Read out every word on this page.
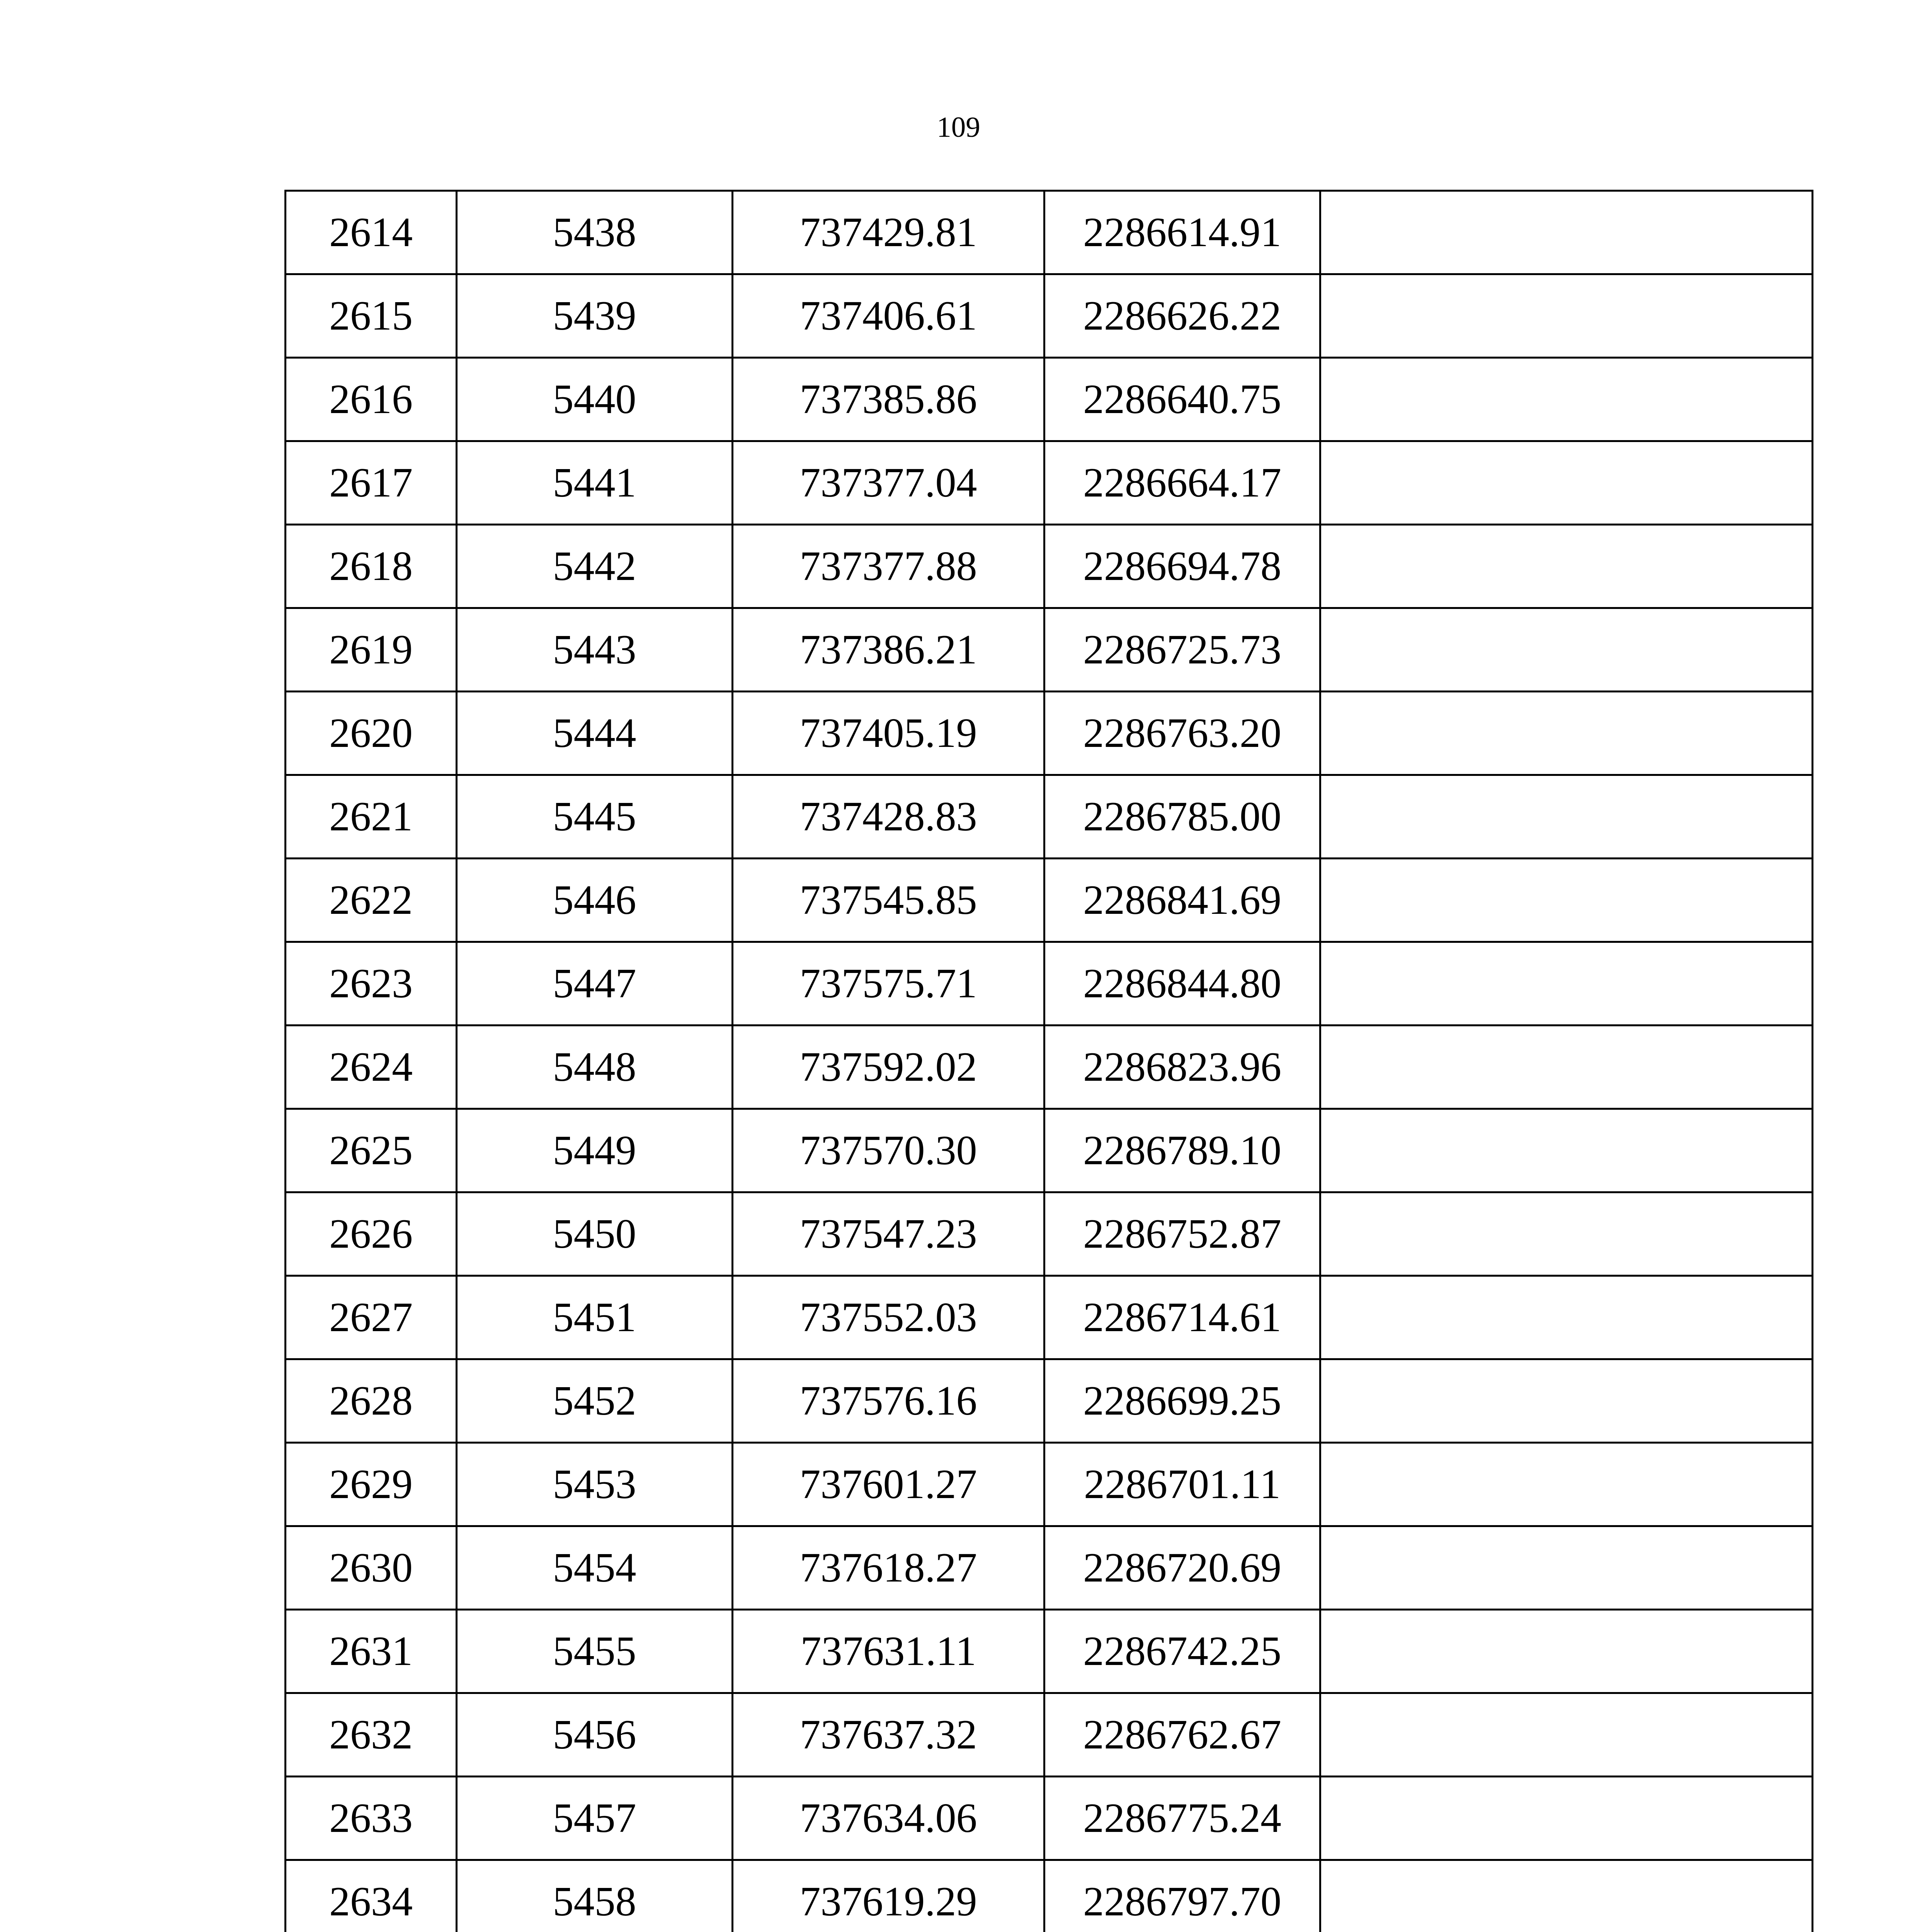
109
2614	5438	737429.81	2286614.91	
2615	5439	737406.61	2286626.22	
2616	5440	737385.86	2286640.75	
2617	5441	737377.04	2286664.17	
2618	5442	737377.88	2286694.78	
2619	5443	737386.21	2286725.73	
2620	5444	737405.19	2286763.20	
2621	5445	737428.83	2286785.00	
2622	5446	737545.85	2286841.69	
2623	5447	737575.71	2286844.80	
2624	5448	737592.02	2286823.96	
2625	5449	737570.30	2286789.10	
2626	5450	737547.23	2286752.87	
2627	5451	737552.03	2286714.61	
2628	5452	737576.16	2286699.25	
2629	5453	737601.27	2286701.11	
2630	5454	737618.27	2286720.69	
2631	5455	737631.11	2286742.25	
2632	5456	737637.32	2286762.67	
2633	5457	737634.06	2286775.24	
2634	5458	737619.29	2286797.70	
